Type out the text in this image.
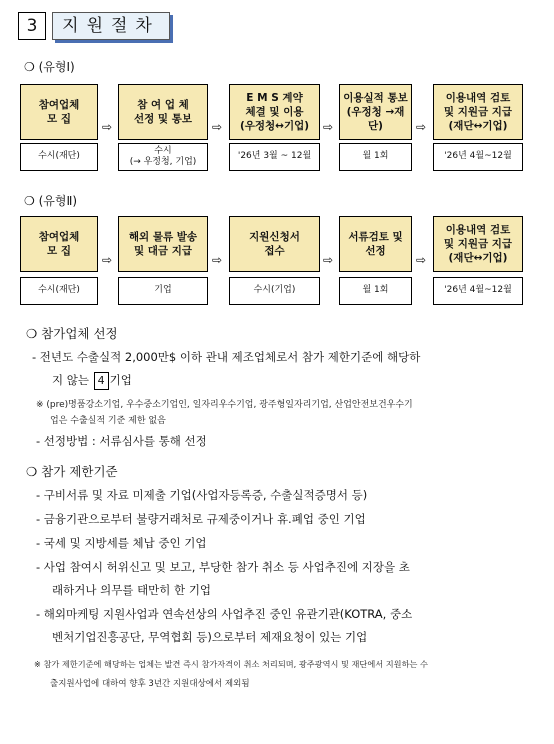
3	지원절차
❍ (유형Ⅰ)
참여업체
모 집
수시(재단)
⇨
참 여 업 체
선정 및 통보
수시
(→ 우정청, 기업)
⇨
E M S 계약
체결 및 이용
(우정청↔기업)
'26년 3월 ~ 12월
⇨
이용실적 통보
(우정청 →재단)
월 1회
⇨
이용내역 검토
및 지원금 지급
(재단↔기업)
'26년 4월~12월
❍ (유형Ⅱ)
참여업체
모 집
수시(재단)
⇨
해외 물류 발송
및 대금 지급
기업
⇨
지원신청서
접수
수시(기업)
⇨
서류검토 및
선정
월 1회
⇨
이용내역 검토
및 지원금 지급
(재단↔기업)
'26년 4월~12월
❍ 참가업체 선정
- 전년도 수출실적 2,000만$ 이하 관내 제조업체로서 참가 제한기준에 해당하
지 않는 4 기업
※ (pre)명품강소기업, 우수중소기업인, 일자리우수기업, 광주형일자리기업, 산업안전보건우수기
업은 수출실적 기준 제한 없음
- 선정방법 : 서류심사를 통해 선정
❍ 참가 제한기준
- 구비서류 및 자료 미제출 기업(사업자등록증, 수출실적증명서 등)
- 금융기관으로부터 불량거래처로 규제중이거나 휴.폐업 중인 기업
- 국세 및 지방세를 체납 중인 기업
- 사업 참여시 허위신고 및 보고, 부당한 참가 취소 등 사업추진에 지장을 초
래하거나 의무를 태만히 한 기업
- 해외마케팅 지원사업과 연속선상의 사업추진 중인 유관기관(KOTRA, 중소
벤처기업진흥공단, 무역협회 등)으로부터 제재요청이 있는 기업
※ 참가 제한기준에 해당하는 업체는 발견 즉시 참가자격이 취소 처리되며, 광주광역시 및 재단에서 지원하는 수
출지원사업에 대하여 향후 3년간 지원대상에서 제외됨
